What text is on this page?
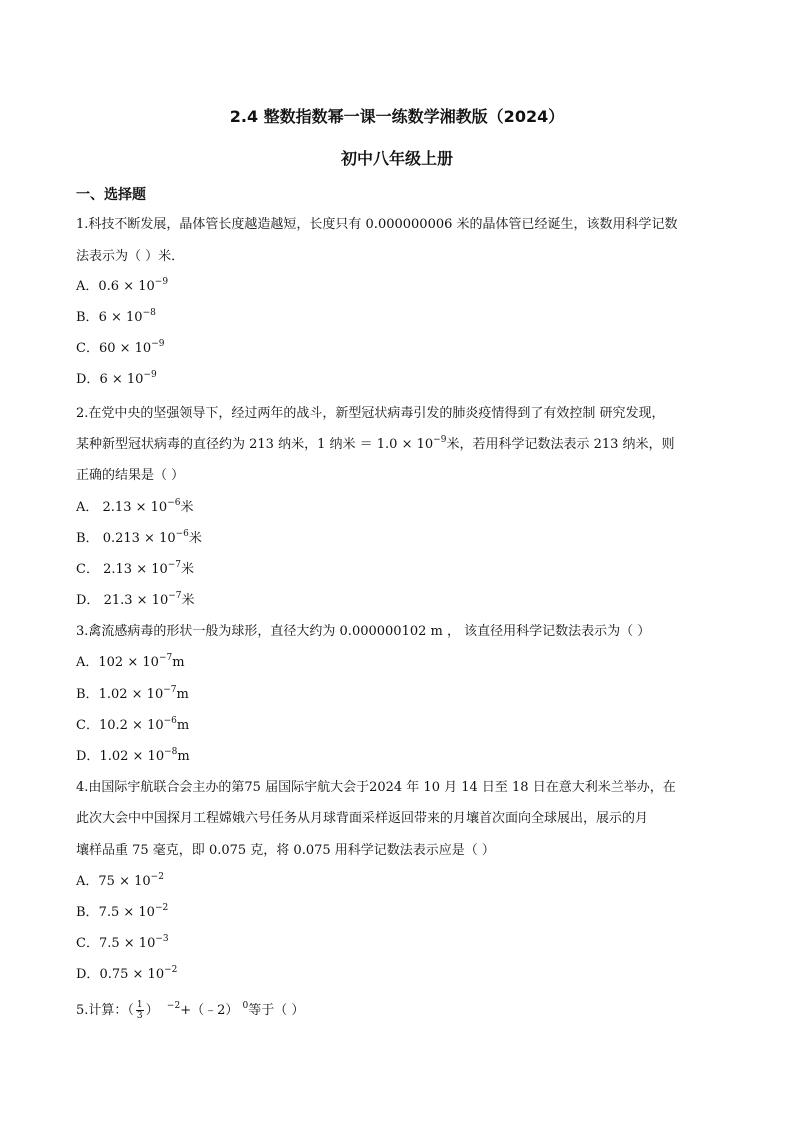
2.4 整数指数幂一课一练数学湘教版（2024）
初中八年级上册
一、选择题
1.科技不断发展，晶体管长度越造越短，长度只有 0.000000006 米的晶体管已经诞生，该数用科学记数
法表示为（ ）米．
A．$0.6 \times 10^{-9}$
B．$6 \times 10^{-8}$
C．$60 \times 10^{-9}$
D．$6 \times 10^{-9}$
2.在党中央的坚强领导下，经过两年的战斗，新型冠状病毒引发的肺炎疫情得到了有效控制 研究发现，
某种新型冠状病毒的直径约为 213 纳米，1 纳米 ＝ $1.0 \times 10^{-9}$米，若用科学记数法表示 213 纳米，则
正确的结果是（ ）
A． $2.13 \times 10^{-6}$米
B． $0.213 \times 10^{-6}$米
C． $2.13 \times 10^{-7}$米
D． $21.3 \times 10^{-7}$米
3.禽流感病毒的形状一般为球形，直径大约为 0.000000102 m ， 该直径用科学记数法表示为（ ）
A．$102 \times 10^{-7}m$
B．$1.02 \times 10^{-7}m$
C．$10.2 \times 10^{-6}m$
D．$1.02 \times 10^{-8}m$
4.由国际宇航联合会主办的第75 届国际宇航大会于2024 年 10 月 14 日至 18 日在意大利米兰举办，在
此次大会中中国探月工程嫦娥六号任务从月球背面采样返回带来的月壤首次面向全球展出，展示的月
壤样品重 75 毫克，即 0.075 克，将 0.075 用科学记数法表示应是（ ）
A．$75 \times 10^{-2}$
B．$7.5 \times 10^{-2}$
C．$7.5 \times 10^{-3}$
D．$0.75 \times 10^{-2}$
5.计算：（ $\frac{1}{3}$ ） $^{-2}$+（﹣2） $^0$等于（ ）
